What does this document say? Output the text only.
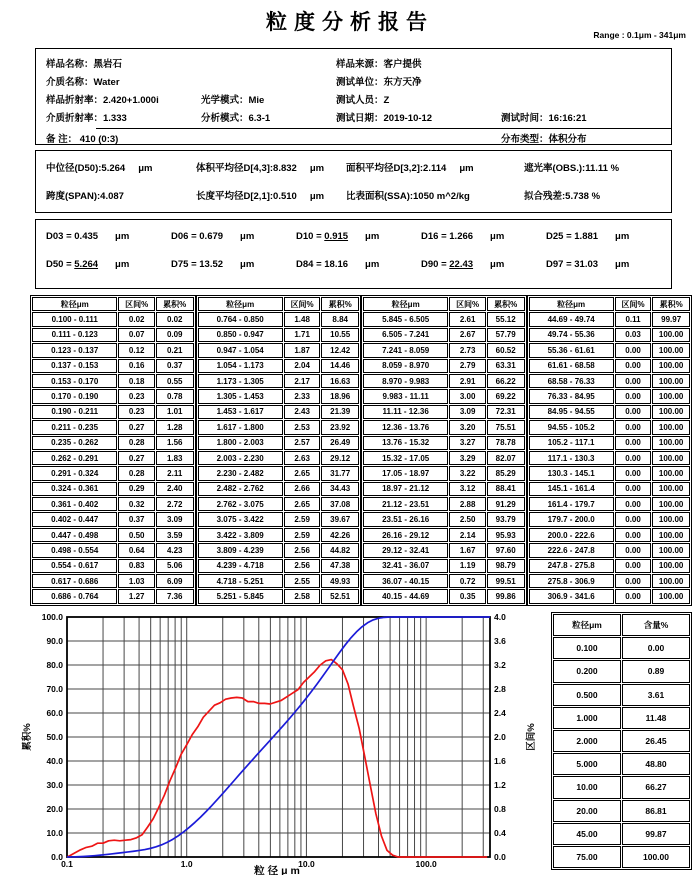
粒度分析报告
Range : 0.1μm - 341μm
样品名称：黑岩石	样品来源：客户提供
介质名称：Water	测试单位：东方天净
样品折射率：2.420+1.000i	光学模式：Mie	测试人员：Z
介质折射率：1.333	分析模式：6.3-1	测试日期：2019-10-12	测试时间：16:16:21
备 注： 410 (0:3)	分布类型：体积分布
中位径(D50):5.264 μm	体积平均径D[4,3]:8.832 μm	面积平均径D[3,2]:2.114 μm	遮光率(OBS.):11.11 %
跨度(SPAN):4.087	长度平均径D[2,1]:0.510 μm	比表面积(SSA):1050 m^2/kg	拟合残差:5.738 %
D03 = 0.435 μm	D06 = 0.679 μm	D10 = 0.915 μm	D16 = 1.266 μm	D25 = 1.881 μm
D50 = 5.264 μm	D75 = 13.52 μm	D84 = 18.16 μm	D90 = 22.43 μm	D97 = 31.03 μm
粒径μm	区间%	累积%
0.100 - 0.111	0.02	0.02
0.111 - 0.123	0.07	0.09
0.123 - 0.137	0.12	0.21
0.137 - 0.153	0.16	0.37
0.153 - 0.170	0.18	0.55
0.170 - 0.190	0.23	0.78
0.190 - 0.211	0.23	1.01
0.211 - 0.235	0.27	1.28
0.235 - 0.262	0.28	1.56
0.262 - 0.291	0.27	1.83
0.291 - 0.324	0.28	2.11
0.324 - 0.361	0.29	2.40
0.361 - 0.402	0.32	2.72
0.402 - 0.447	0.37	3.09
0.447 - 0.498	0.50	3.59
0.498 - 0.554	0.64	4.23
0.554 - 0.617	0.83	5.06
0.617 - 0.686	1.03	6.09
0.686 - 0.764	1.27	7.36
粒径μm	区间%	累积%
0.764 - 0.850	1.48	8.84
0.850 - 0.947	1.71	10.55
0.947 - 1.054	1.87	12.42
1.054 - 1.173	2.04	14.46
1.173 - 1.305	2.17	16.63
1.305 - 1.453	2.33	18.96
1.453 - 1.617	2.43	21.39
1.617 - 1.800	2.53	23.92
1.800 - 2.003	2.57	26.49
2.003 - 2.230	2.63	29.12
2.230 - 2.482	2.65	31.77
2.482 - 2.762	2.66	34.43
2.762 - 3.075	2.65	37.08
3.075 - 3.422	2.59	39.67
3.422 - 3.809	2.59	42.26
3.809 - 4.239	2.56	44.82
4.239 - 4.718	2.56	47.38
4.718 - 5.251	2.55	49.93
5.251 - 5.845	2.58	52.51
粒径μm	区间%	累积%
5.845 - 6.505	2.61	55.12
6.505 - 7.241	2.67	57.79
7.241 - 8.059	2.73	60.52
8.059 - 8.970	2.79	63.31
8.970 - 9.983	2.91	66.22
9.983 - 11.11	3.00	69.22
11.11 - 12.36	3.09	72.31
12.36 - 13.76	3.20	75.51
13.76 - 15.32	3.27	78.78
15.32 - 17.05	3.29	82.07
17.05 - 18.97	3.22	85.29
18.97 - 21.12	3.12	88.41
21.12 - 23.51	2.88	91.29
23.51 - 26.16	2.50	93.79
26.16 - 29.12	2.14	95.93
29.12 - 32.41	1.67	97.60
32.41 - 36.07	1.19	98.79
36.07 - 40.15	0.72	99.51
40.15 - 44.69	0.35	99.86
粒径μm	区间%	累积%
44.69 - 49.74	0.11	99.97
49.74 - 55.36	0.03	100.00
55.36 - 61.61	0.00	100.00
61.61 - 68.58	0.00	100.00
68.58 - 76.33	0.00	100.00
76.33 - 84.95	0.00	100.00
84.95 - 94.55	0.00	100.00
94.55 - 105.2	0.00	100.00
105.2 - 117.1	0.00	100.00
117.1 - 130.3	0.00	100.00
130.3 - 145.1	0.00	100.00
145.1 - 161.4	0.00	100.00
161.4 - 179.7	0.00	100.00
179.7 - 200.0	0.00	100.00
200.0 - 222.6	0.00	100.00
222.6 - 247.8	0.00	100.00
247.8 - 275.8	0.00	100.00
275.8 - 306.9	0.00	100.00
306.9 - 341.6	0.00	100.00
0.0
10.0
20.0
30.0
40.0
50.0
60.0
70.0
80.0
90.0
100.0
0.0
0.4
0.8
1.2
1.6
2.0
2.4
2.8
3.2
3.6
4.0
0.1	1.0	10.0	100.0
累积%	区间%
粒径μm
粒径μm	含量%
0.100	0.00
0.200	0.89
0.500	3.61
1.000	11.48
2.000	26.45
5.000	48.80
10.00	66.27
20.00	86.81
45.00	99.87
75.00	100.00
